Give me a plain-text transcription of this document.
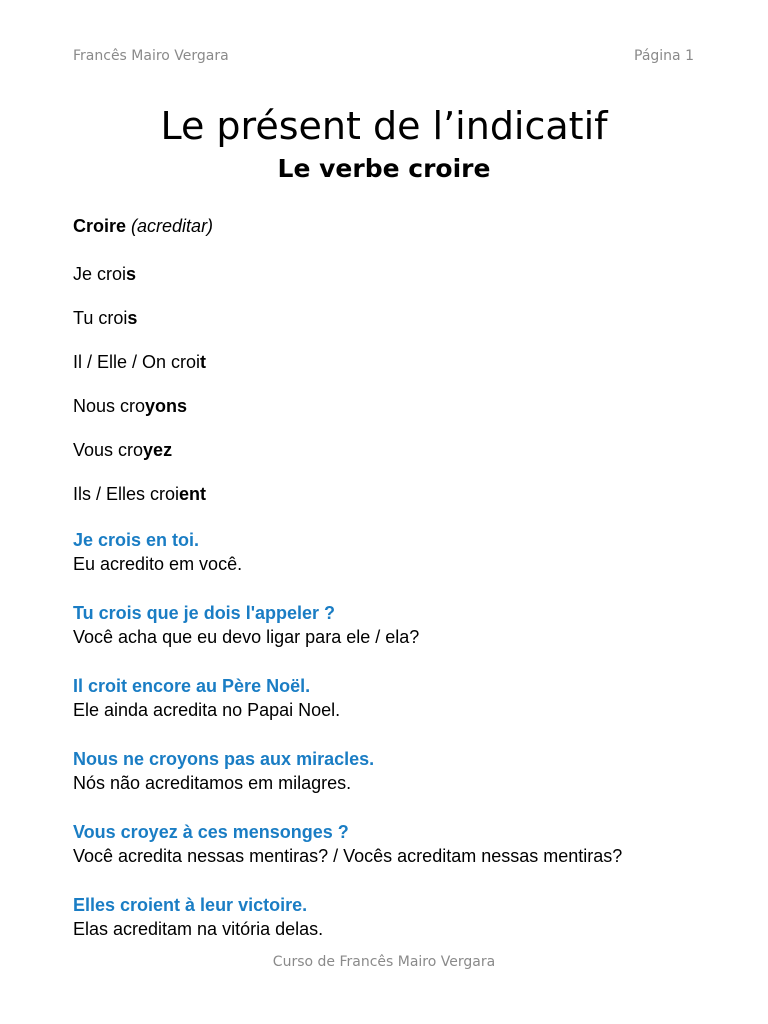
Francês Mairo Vergara	Página 1
Le présent de l’indicatif
Le verbe croire
Croire (acreditar)
Je crois
Tu crois
Il / Elle / On croit
Nous croyons
Vous croyez
Ils / Elles croient
Je crois en toi.
Eu acredito em você.
Tu crois que je dois l'appeler ?
Você acha que eu devo ligar para ele / ela?
Il croit encore au Père Noël.
Ele ainda acredita no Papai Noel.
Nous ne croyons pas aux miracles.
Nós não acreditamos em milagres.
Vous croyez à ces mensonges ?
Você acredita nessas mentiras? / Vocês acreditam nessas mentiras?
Elles croient à leur victoire.
Elas acreditam na vitória delas.
Curso de Francês Mairo Vergara
